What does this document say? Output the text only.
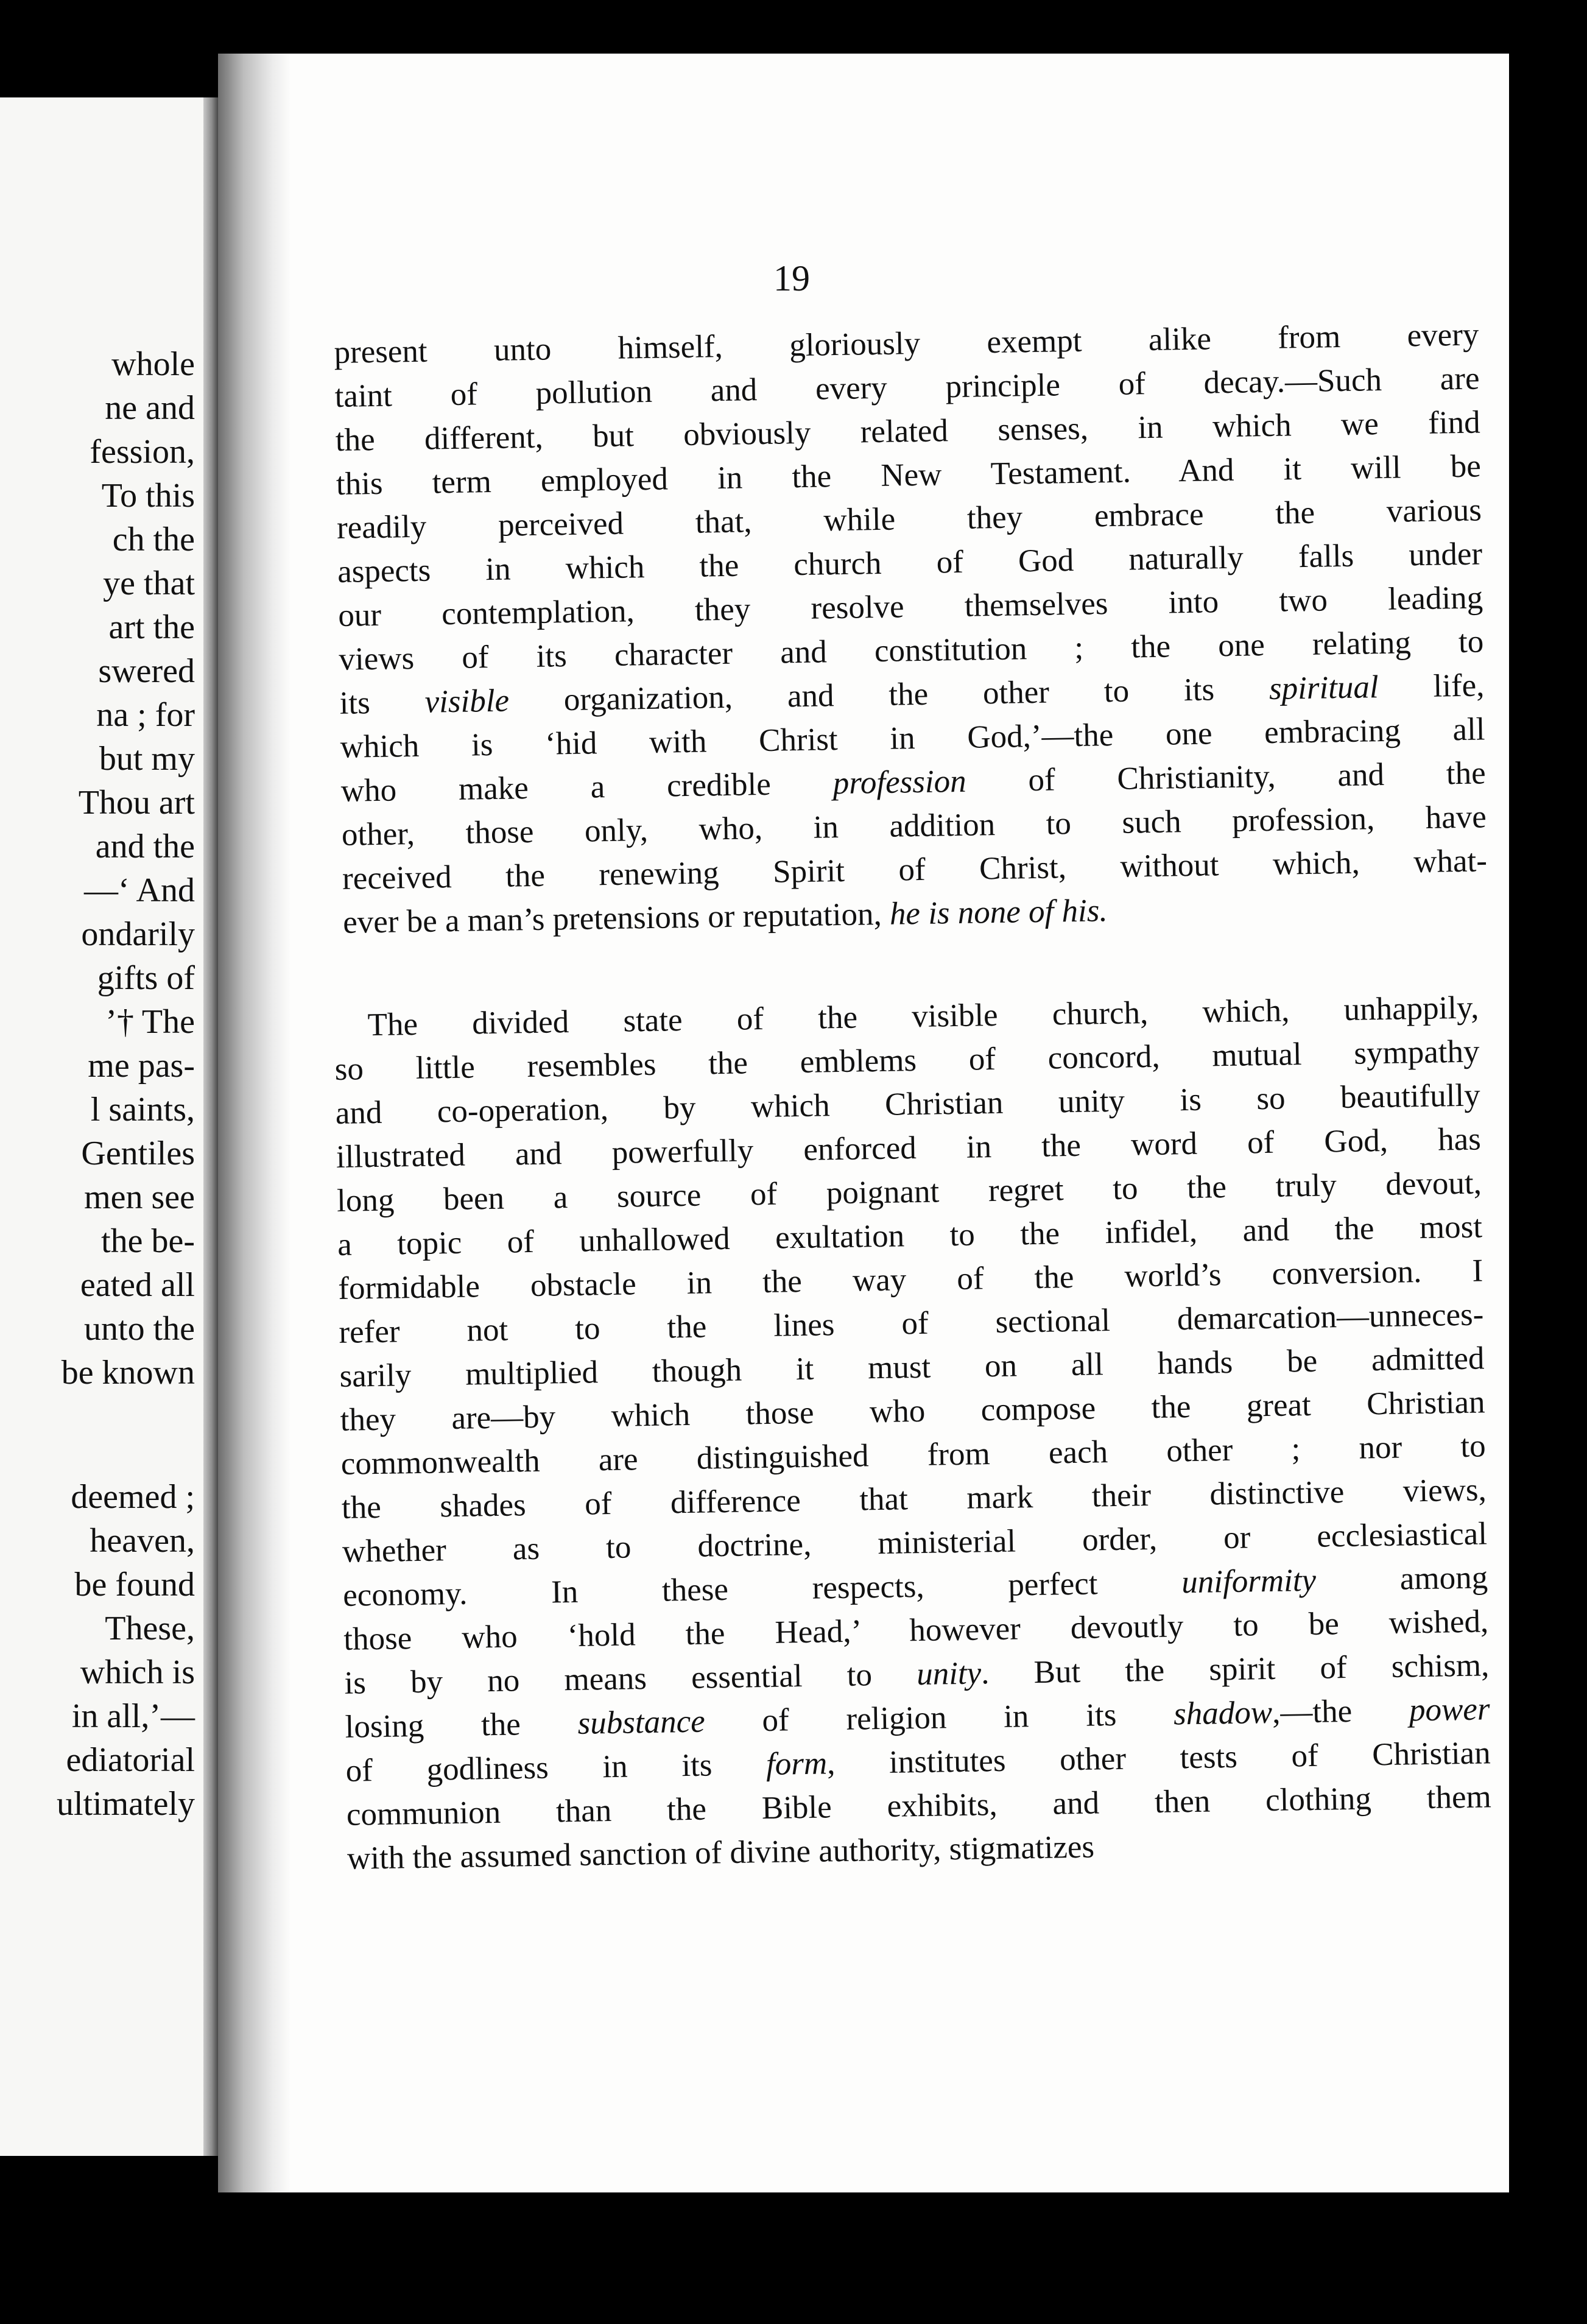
whole
ne and
fession,
To this
ch the
ye that
art the
swered
na ; for
but my
Thou art
and the
—‘ And
ondarily
gifts of
’† The
me pas-
l saints,
Gentiles
men see
the be-
eated all
unto the
be known
deemed ;
heaven,
be found
These,
which is
in all,’—
ediatorial
ultimately
19
present unto himself, gloriously exempt alike from every
taint of pollution and every principle of decay.—Such are
the different, but obviously related senses, in which we find
this term employed in the New Testament. And it will be
readily perceived that, while they embrace the various
aspects in which the church of God naturally falls under
our contemplation, they resolve themselves into two leading
views of its character and constitution ; the one relating to
its visible organization, and the other to its spiritual life,
which is ‘hid with Christ in God,’—the one embracing all
who make a credible profession of Christianity, and the
other, those only, who, in addition to such profession, have
received the renewing Spirit of Christ, without which, what-
ever be a man’s pretensions or reputation, he is none of his.
The divided state of the visible church, which, unhappily,
so little resembles the emblems of concord, mutual sympathy
and co-operation, by which Christian unity is so beautifully
illustrated and powerfully enforced in the word of God, has
long been a source of poignant regret to the truly devout,
a topic of unhallowed exultation to the infidel, and the most
formidable obstacle in the way of the world’s conversion. I
refer not to the lines of sectional demarcation—unneces-
sarily multiplied though it must on all hands be admitted
they are—by which those who compose the great Christian
commonwealth are distinguished from each other ; nor to
the shades of difference that mark their distinctive views,
whether as to doctrine, ministerial order, or ecclesiastical
economy. In these respects, perfect uniformity among
those who ‘hold the Head,’ however devoutly to be wished,
is by no means essential to unity. But the spirit of schism,
losing the substance of religion in its shadow,—the power
of godliness in its form, institutes other tests of Christian
communion than the Bible exhibits, and then clothing them
with the assumed sanction of divine authority, stigmatizes
